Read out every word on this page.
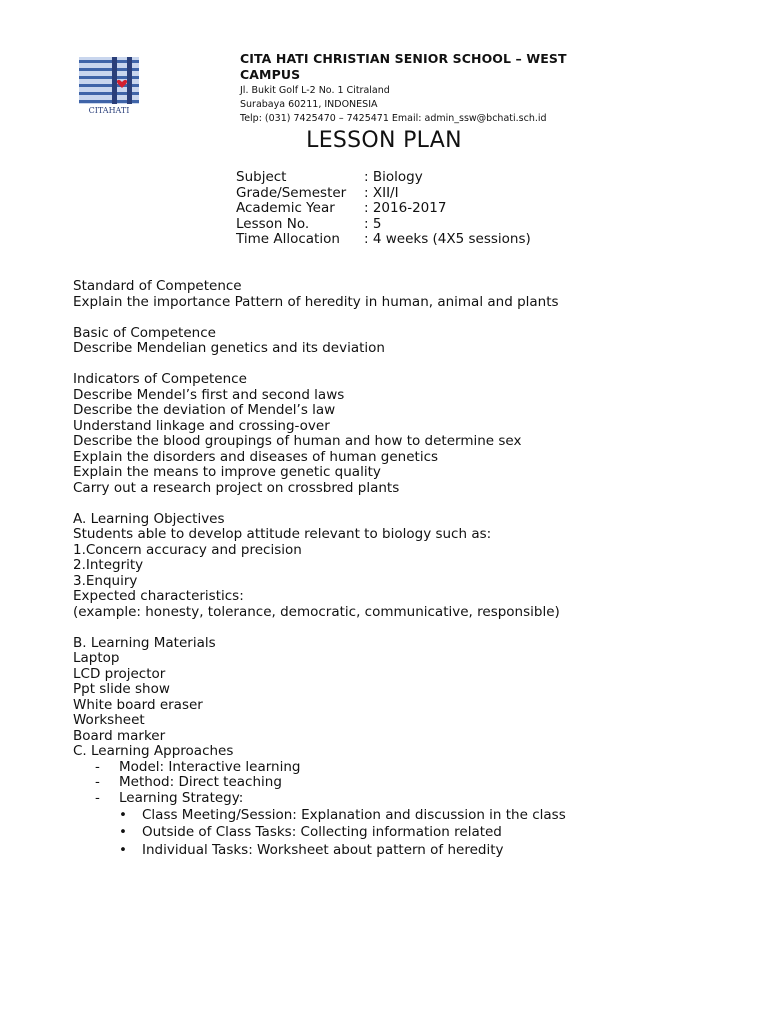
CITAHATI
CITA HATI CHRISTIAN SENIOR SCHOOL – WEST
CAMPUS
Jl. Bukit Golf L-2 No. 1 Citraland
Surabaya 60211, INDONESIA
Telp: (031) 7425470 – 7425471 Email: admin_ssw@bchati.sch.id
LESSON PLAN
Subject	: Biology
Grade/Semester : XII/I
Academic Year : 2016-2017
Lesson No.	: 5
Time Allocation : 4 weeks (4X5 sessions)
Standard of Competence
Explain the importance Pattern of heredity in human, animal and plants
Basic of Competence
Describe Mendelian genetics and its deviation
Indicators of Competence
Describe Mendel’s first and second laws
Describe the deviation of Mendel’s law
Understand linkage and crossing-over
Describe the blood groupings of human and how to determine sex
Explain the disorders and diseases of human genetics
Explain the means to improve genetic quality
Carry out a research project on crossbred plants
A. Learning Objectives
Students able to develop attitude relevant to biology such as:
1.Concern accuracy and precision
2.Integrity
3.Enquiry
Expected characteristics:
(example: honesty, tolerance, democratic, communicative, responsible)
B. Learning Materials
Laptop
LCD projector
Ppt slide show
White board eraser
Worksheet
Board marker
C. Learning Approaches
- Model: Interactive learning
- Method: Direct teaching
- Learning Strategy:
• Class Meeting/Session: Explanation and discussion in the class
• Outside of Class Tasks: Collecting information related
• Individual Tasks: Worksheet about pattern of heredity
